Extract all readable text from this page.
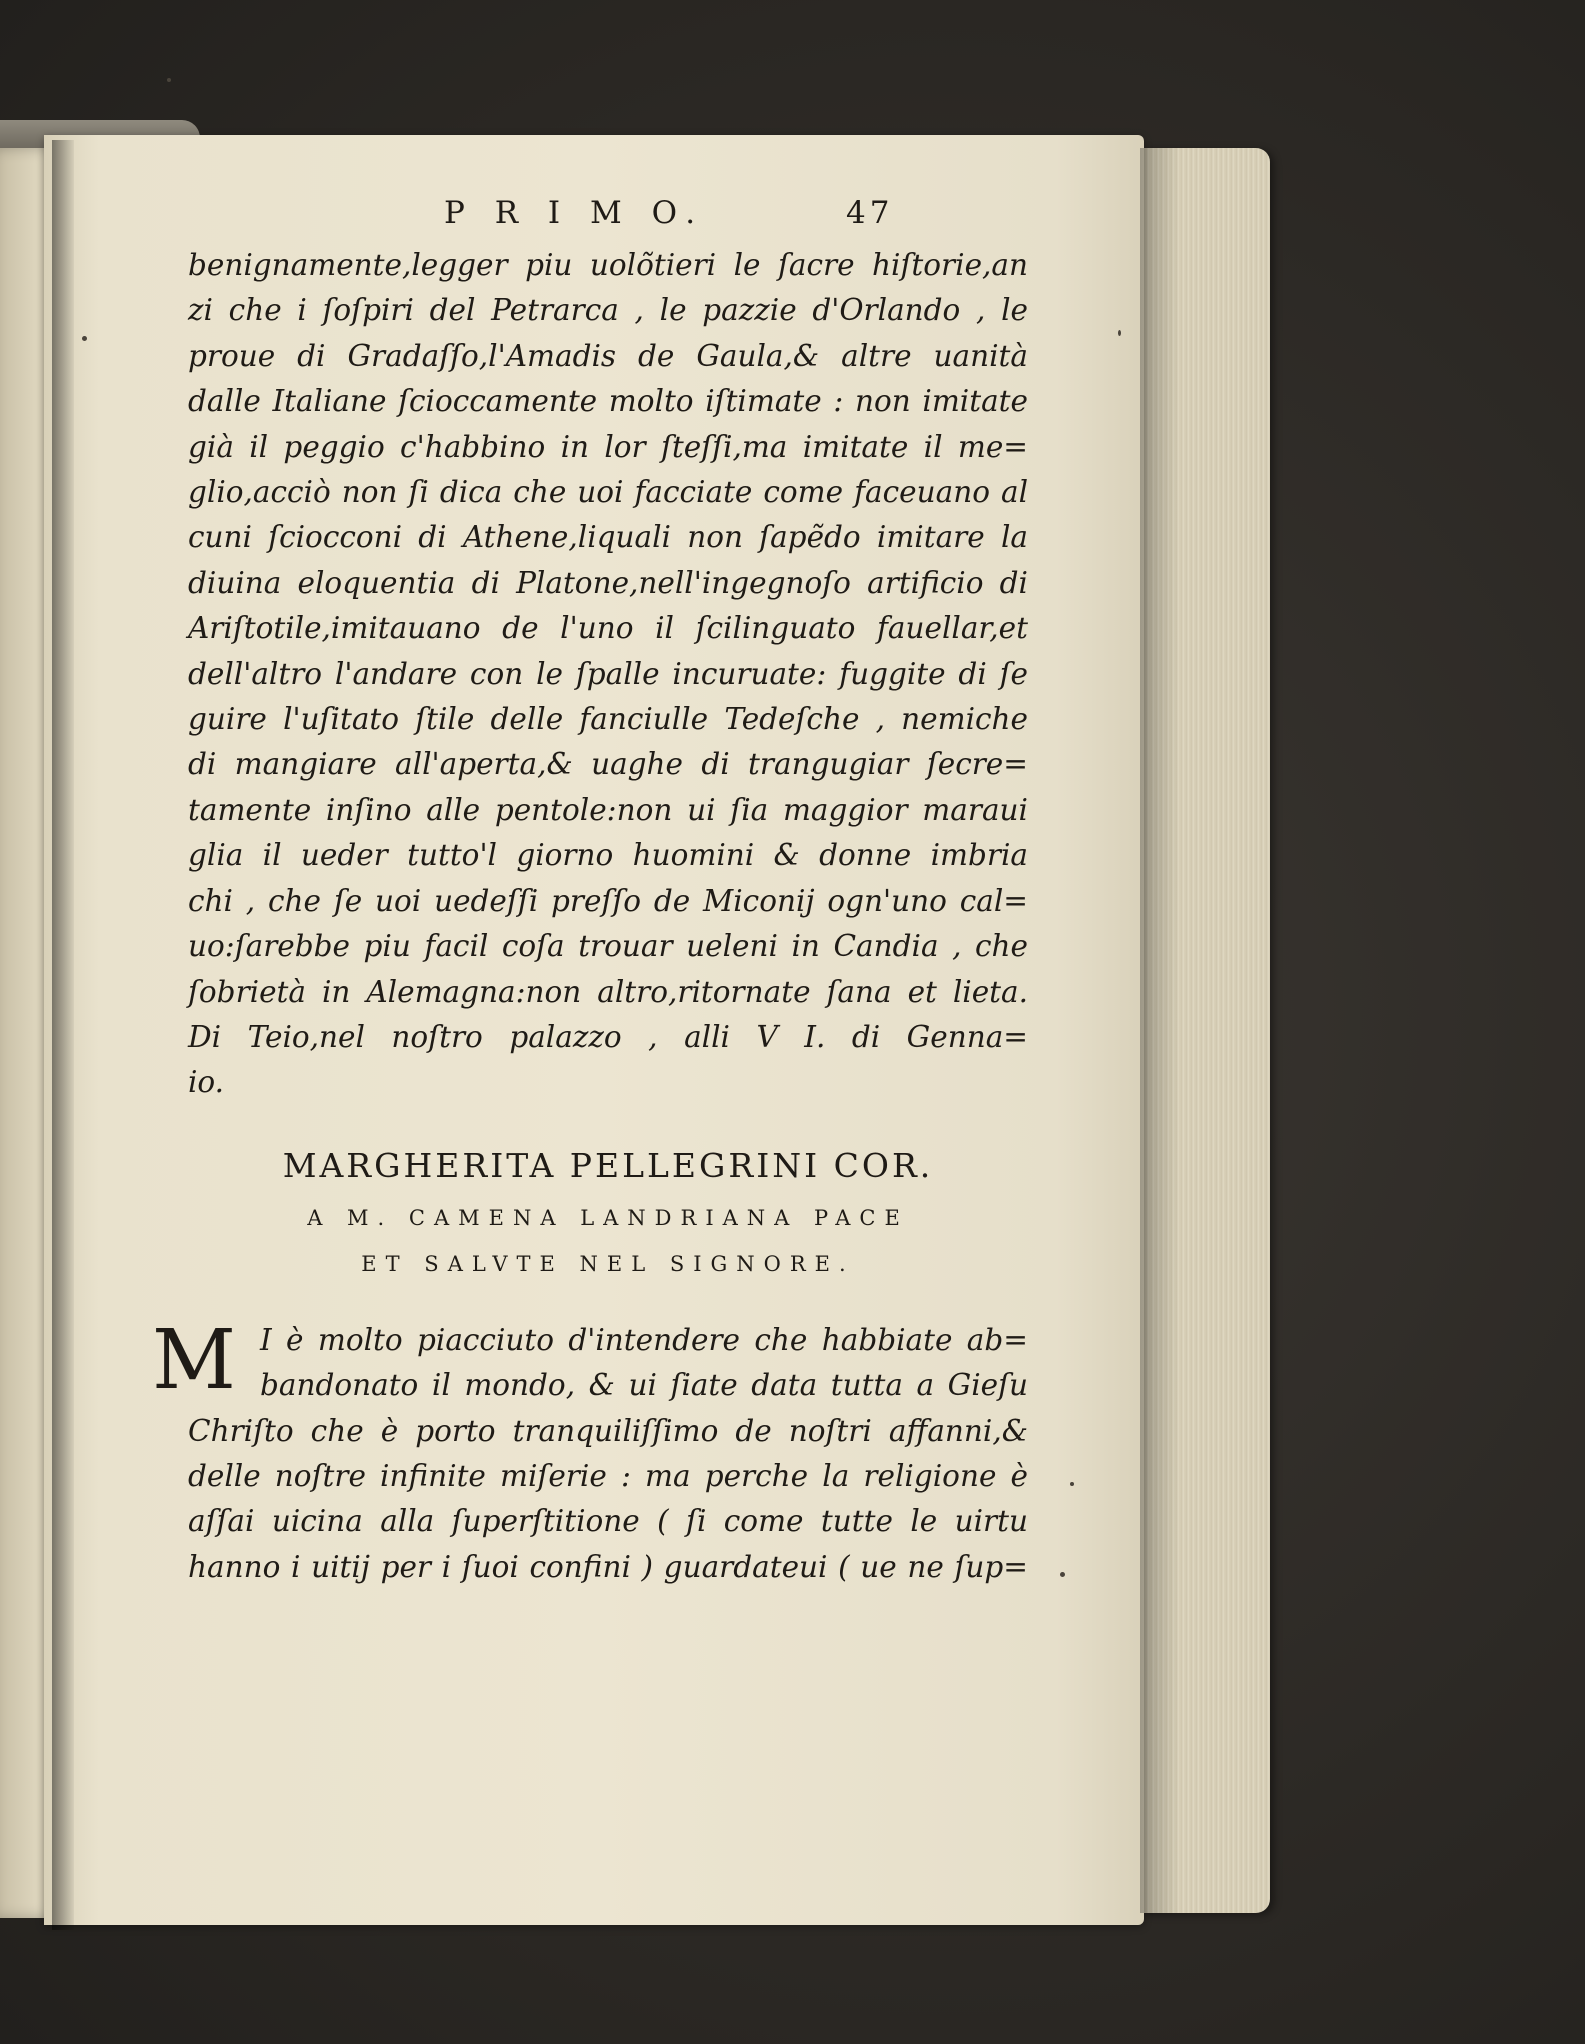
P R I M O.	47

benignamente,legger piu uolõtieri le ſacre hiſtorie,an
zi che i ſoſpiri del Petrarca , le pazzie d'Orlando , le
proue di Gradaſſo,l'Amadis de Gaula,& altre uanità
dalle Italiane ſcioccamente molto iſtimate : non imitate
già il peggio c'habbino in lor ſteſſi,ma imitate il me=
glio,acciò non ſi dica che uoi facciate come faceuano al
cuni ſciocconi di Athene,liquali non ſapẽdo imitare la
diuina eloquentia di Platone,nell'ingegnoſo artificio di
Ariſtotile,imitauano de l'uno il ſcilinguato fauellar,et
dell'altro l'andare con le ſpalle incuruate: fuggite di ſe
guire l'uſitato ſtile delle fanciulle Tedeſche , nemiche
di mangiare all'aperta,& uaghe di trangugiar ſecre=
tamente inſino alle pentole:non ui ſia maggior maraui
glia il ueder tutto'l giorno huomini & donne imbria
chi , che ſe uoi uedeſſi preſſo de Miconij ogn'uno cal=
uo:ſarebbe piu facil coſa trouar ueleni in Candia , che
ſobrietà in Alemagna:non altro,ritornate ſana et lieta.
Di Teio,nel noſtro palazzo , alli V I. di Genna=
io.

MARGHERITA PELLEGRINI COR.
A M. CAMENA LANDRIANA PACE
ET SALVTE NEL SIGNORE.
M I è molto piacciuto d'intendere che habbiate ab=
bandonato il mondo, & ui ſiate data tutta a Gieſu
Chriſto che è porto tranquiliſſimo de noſtri affanni,&
delle noſtre infinite miſerie : ma perche la religione è
aſſai uicina alla ſuperſtitione ( ſi come tutte le uirtu
hanno i uitij per i ſuoi confini ) guardateui ( ue ne ſup=
